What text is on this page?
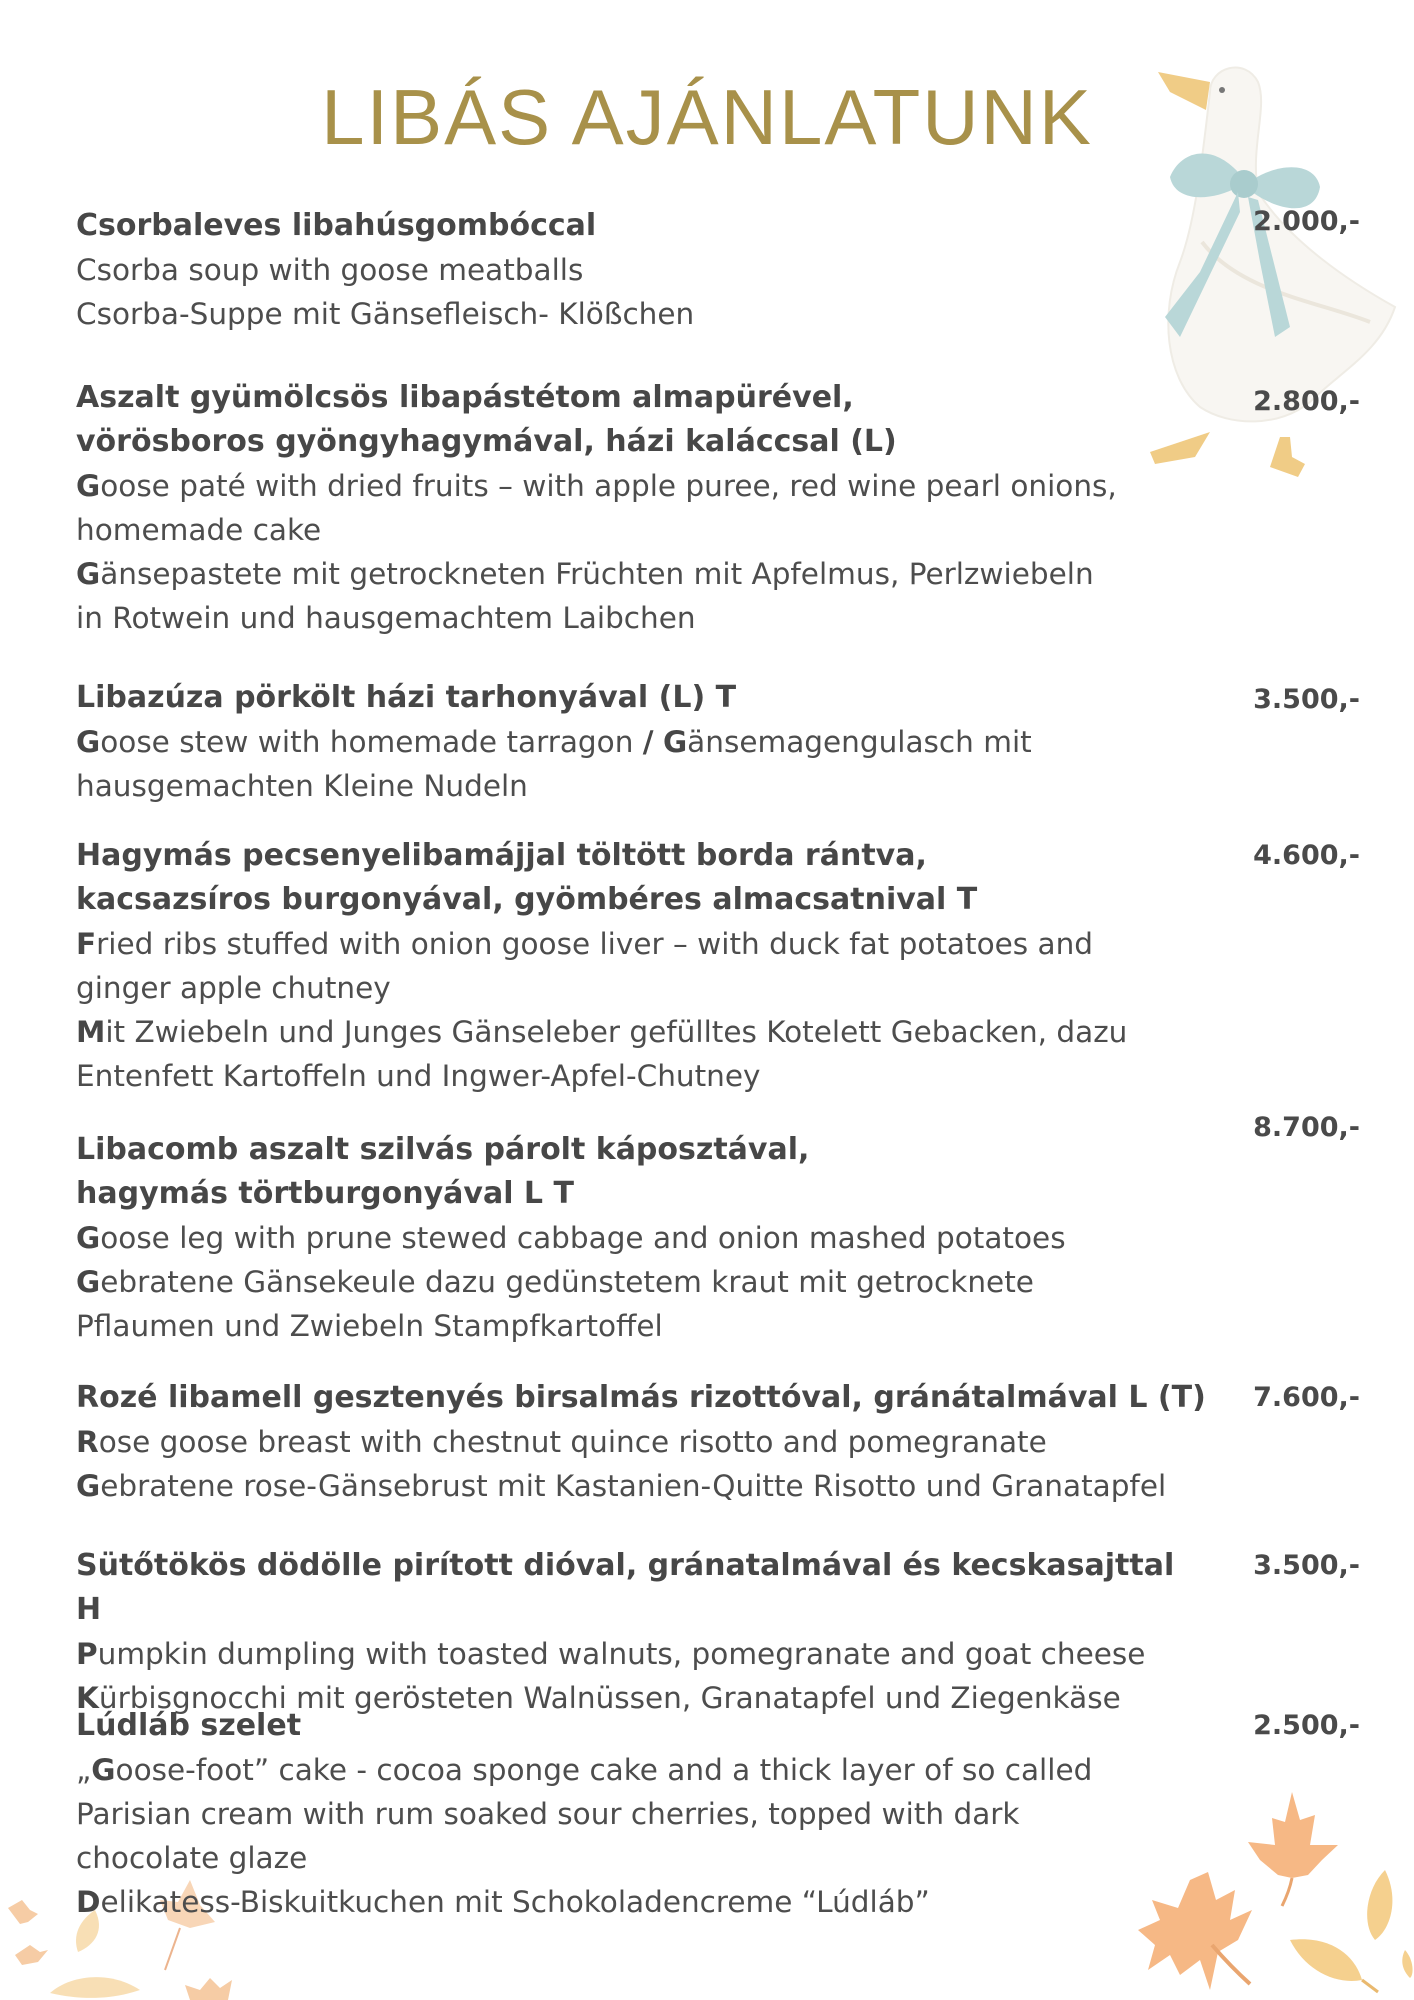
LIBÁS AJÁNLATUNK

Csorbaleves libahúsgombóccal

Csorba soup with goose meatballs

Csorba-Suppe mit Gänsefleisch- Klößchen

2.000,-

Aszalt gyümölcsös libapástétom almapürével,

vörösboros gyöngyhagymával, házi kaláccsal (L)

Goose paté with dried fruits – with apple puree, red wine pearl onions,

homemade cake

Gänsepastete mit getrockneten Früchten mit Apfelmus, Perlzwiebeln

in Rotwein und hausgemachtem Laibchen

2.800,-

Libazúza pörkölt házi tarhonyával (L) T

Goose stew with homemade tarragon / Gänsemagengulasch mit

hausgemachten Kleine Nudeln

3.500,-

Hagymás pecsenyelibamájjal töltött borda rántva,

kacsazsíros burgonyával, gyömbéres almacsatnival T

Fried ribs stuffed with onion goose liver – with duck fat potatoes and

ginger apple chutney

Mit Zwiebeln und Junges Gänseleber gefülltes Kotelett Gebacken, dazu

Entenfett Kartoffeln und Ingwer-Apfel-Chutney

4.600,-

Libacomb aszalt szilvás párolt káposztával,

hagymás törtburgonyával L T

Goose leg with prune stewed cabbage and onion mashed potatoes

Gebratene Gänsekeule dazu gedünstetem kraut mit getrocknete

Pflaumen und Zwiebeln Stampfkartoffel

8.700,-

Rozé libamell gesztenyés birsalmás rizottóval, gránátalmával L (T)

Rose goose breast with chestnut quince risotto and pomegranate

Gebratene rose-Gänsebrust mit Kastanien-Quitte Risotto und Granatapfel

7.600,-

Sütőtökös dödölle pirított dióval, gránatalmával és kecskasajttal H

Pumpkin dumpling with toasted walnuts, pomegranate and goat cheese

Kürbisgnocchi mit gerösteten Walnüssen, Granatapfel und Ziegenkäse

3.500,-

Lúdláb szelet

„Goose-foot” cake - cocoa sponge cake and a thick layer of so called

Parisian cream with rum soaked sour cherries, topped with dark

chocolate glaze

Delikatess-Biskuitkuchen mit Schokoladencreme “Lúdláb”

2.500,-
